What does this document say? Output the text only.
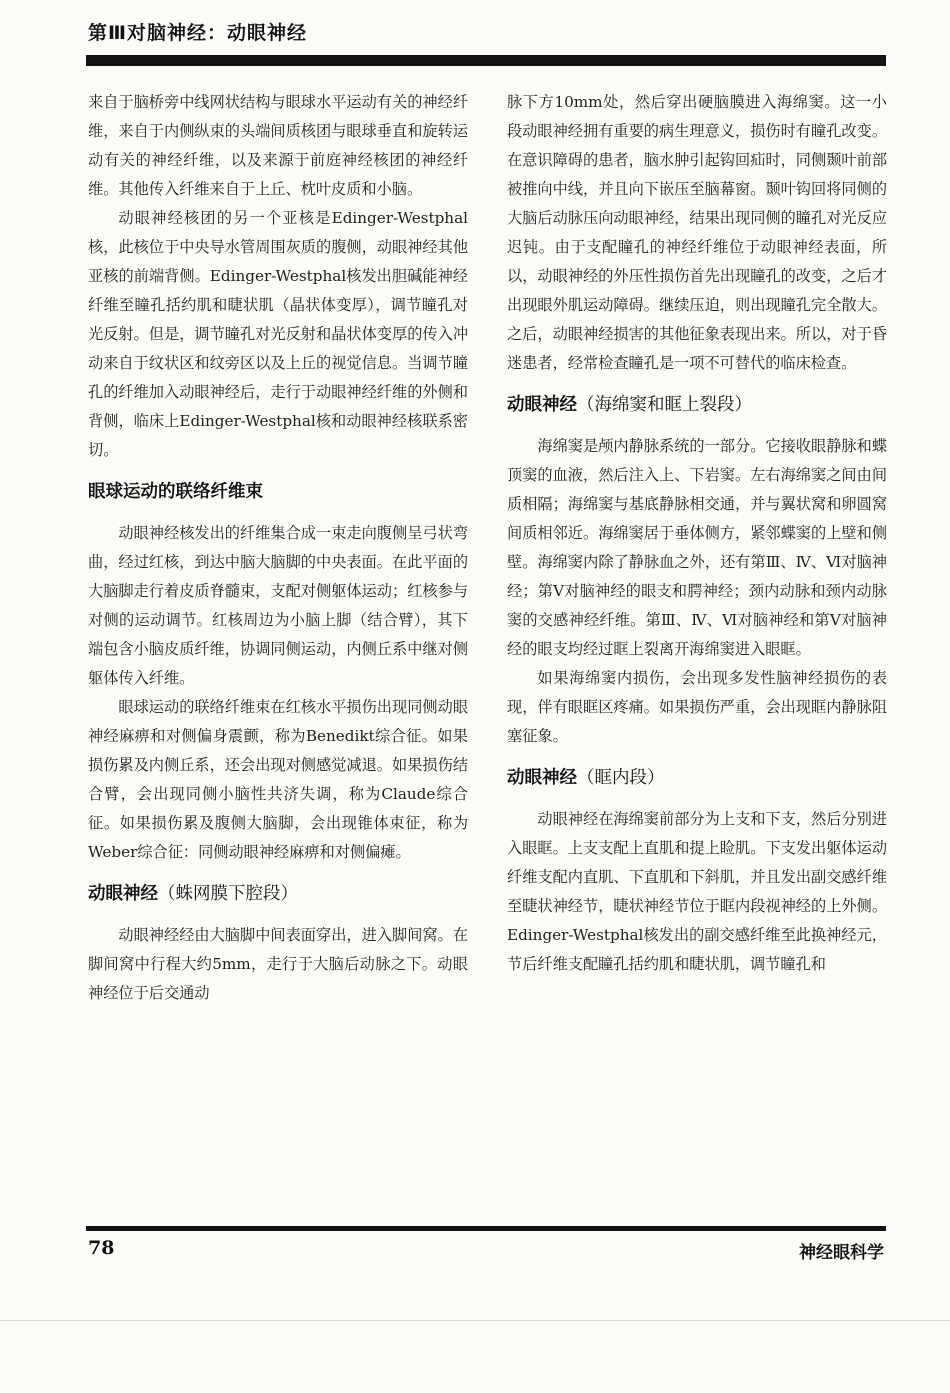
第Ⅲ对脑神经：动眼神经

来自于脑桥旁中线网状结构与眼球水平运动有关的神经纤维，来自于内侧纵束的头端间质核团与眼球垂直和旋转运动有关的神经纤维，以及来源于前庭神经核团的神经纤维。其他传入纤维来自于上丘、枕叶皮质和小脑。

动眼神经核团的另一个亚核是Edinger-Westphal核，此核位于中央导水管周围灰质的腹侧，动眼神经其他亚核的前端背侧。Edinger-Westphal核发出胆碱能神经纤维至瞳孔括约肌和睫状肌（晶状体变厚），调节瞳孔对光反射。但是，调节瞳孔对光反射和晶状体变厚的传入冲动来自于纹状区和纹旁区以及上丘的视觉信息。当调节瞳孔的纤维加入动眼神经后，走行于动眼神经纤维的外侧和背侧，临床上Edinger-Westphal核和动眼神经核联系密切。

眼球运动的联络纤维束

动眼神经核发出的纤维集合成一束走向腹侧呈弓状弯曲，经过红核，到达中脑大脑脚的中央表面。在此平面的大脑脚走行着皮质脊髓束，支配对侧躯体运动；红核参与对侧的运动调节。红核周边为小脑上脚（结合臂），其下端包含小脑皮质纤维，协调同侧运动，内侧丘系中继对侧躯体传入纤维。

眼球运动的联络纤维束在红核水平损伤出现同侧动眼神经麻痹和对侧偏身震颤，称为Benedikt综合征。如果损伤累及内侧丘系，还会出现对侧感觉减退。如果损伤结合臂，会出现同侧小脑性共济失调，称为Claude综合征。如果损伤累及腹侧大脑脚，会出现锥体束征，称为Weber综合征：同侧动眼神经麻痹和对侧偏瘫。

动眼神经（蛛网膜下腔段）

动眼神经经由大脑脚中间表面穿出，进入脚间窝。在脚间窝中行程大约5mm，走行于大脑后动脉之下。动眼神经位于后交通动

脉下方10mm处，然后穿出硬脑膜进入海绵窦。这一小段动眼神经拥有重要的病生理意义，损伤时有瞳孔改变。在意识障碍的患者，脑水肿引起钩回疝时，同侧颞叶前部被推向中线，并且向下嵌压至脑幕窗。颞叶钩回将同侧的大脑后动脉压向动眼神经，结果出现同侧的瞳孔对光反应迟钝。由于支配瞳孔的神经纤维位于动眼神经表面，所以，动眼神经的外压性损伤首先出现瞳孔的改变，之后才出现眼外肌运动障碍。继续压迫，则出现瞳孔完全散大。之后，动眼神经损害的其他征象表现出来。所以，对于昏迷患者，经常检查瞳孔是一项不可替代的临床检查。

动眼神经（海绵窦和眶上裂段）

海绵窦是颅内静脉系统的一部分。它接收眼静脉和蝶顶窦的血液，然后注入上、下岩窦。左右海绵窦之间由间质相隔；海绵窦与基底静脉相交通，并与翼状窝和卵圆窝间质相邻近。海绵窦居于垂体侧方，紧邻蝶窦的上壁和侧壁。海绵窦内除了静脉血之外，还有第Ⅲ、Ⅳ、Ⅵ对脑神经；第Ⅴ对脑神经的眼支和腭神经；颈内动脉和颈内动脉窦的交感神经纤维。第Ⅲ、Ⅳ、Ⅵ对脑神经和第Ⅴ对脑神经的眼支均经过眶上裂离开海绵窦进入眼眶。

如果海绵窦内损伤，会出现多发性脑神经损伤的表现，伴有眼眶区疼痛。如果损伤严重，会出现眶内静脉阻塞征象。

动眼神经（眶内段）

动眼神经在海绵窦前部分为上支和下支，然后分别进入眼眶。上支支配上直肌和提上睑肌。下支发出躯体运动纤维支配内直肌、下直肌和下斜肌，并且发出副交感纤维至睫状神经节，睫状神经节位于眶内段视神经的上外侧。Edinger-Westphal核发出的副交感纤维至此换神经元，节后纤维支配瞳孔括约肌和睫状肌，调节瞳孔和

78	神经眼科学
